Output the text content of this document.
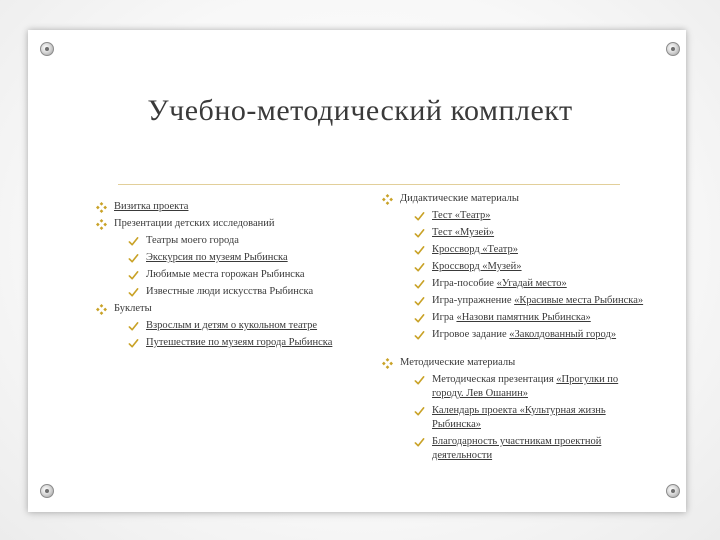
Учебно-методический комплект
Визитка проекта
Презентации детских исследований
Театры моего города
Экскурсия по музеям Рыбинска
Любимые места горожан Рыбинска
Известные люди искусства Рыбинска
Буклеты
Взрослым и детям о кукольном театре
Путешествие по музеям города Рыбинска
Дидактические материалы
Тест «Театр»
Тест «Музей»
Кроссворд «Театр»
Кроссворд «Музей»
Игра-пособие «Угадай место»
Игра-упражнение «Красивые места Рыбинска»
Игра «Назови памятник Рыбинска»
Игровое задание «Заколдованный город»
Методические материалы
Методическая презентация «Прогулки по городу. Лев Ошанин»
Календарь проекта «Культурная жизнь Рыбинска»
Благодарность участникам проектной деятельности
